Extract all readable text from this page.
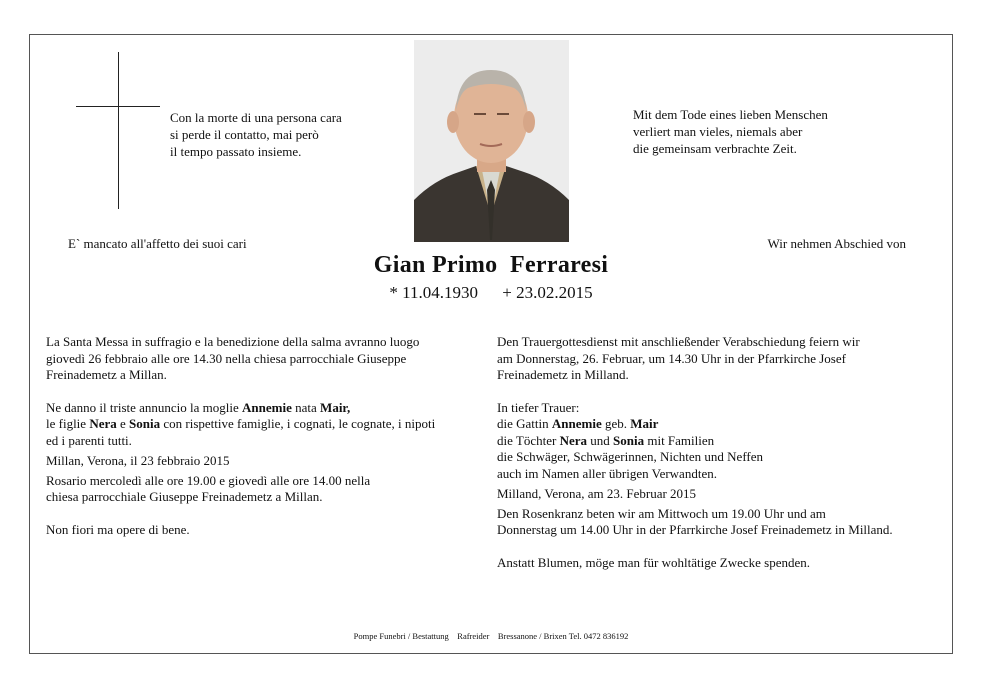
Con la morte di una persona cara
si perde il contatto, mai però
il tempo passato insieme.
Mit dem Tode eines lieben Menschen
verliert man vieles, niemals aber
die gemeinsam verbrachte Zeit.
E` mancato all'affetto dei suoi cari	Wir nehmen Abschied von
Gian Primo  Ferraresi
* 11.04.1930 + 23.02.2015

La Santa Messa in suffragio e la benedizione della salma avranno luogo
giovedì 26 febbraio alle ore 14.30 nella chiesa parrocchiale Giuseppe
Freinademetz a Millan.

Ne danno il triste annuncio la moglie Annemie nata Mair,
le figlie Nera e Sonia con rispettive famiglie, i cognati, le cognate, i nipoti
ed i parenti tutti.

Millan, Verona, il 23 febbraio 2015

Rosario mercoledì alle ore 19.00 e giovedì alle ore 14.00 nella
chiesa parrocchiale Giuseppe Freinademetz a Millan.

Non fiori ma opere di bene.

Den Trauergottesdienst mit anschließender Verabschiedung feiern wir
am Donnerstag, 26. Februar, um 14.30 Uhr in der Pfarrkirche Josef
Freinademetz in Milland.

In tiefer Trauer:
die Gattin Annemie geb. Mair
die Töchter Nera und Sonia mit Familien
die Schwäger, Schwägerinnen, Nichten und Neffen
auch im Namen aller übrigen Verwandten.

Milland, Verona, am 23. Februar 2015

Den Rosenkranz beten wir am Mittwoch um 19.00 Uhr und am
Donnerstag um 14.00 Uhr in der Pfarrkirche Josef Freinademetz in Milland.

Anstatt Blumen, möge man für wohltätige Zwecke spenden.

Pompe Funebri / Bestattung    Rafreider    Bressanone / Brixen Tel. 0472 836192
